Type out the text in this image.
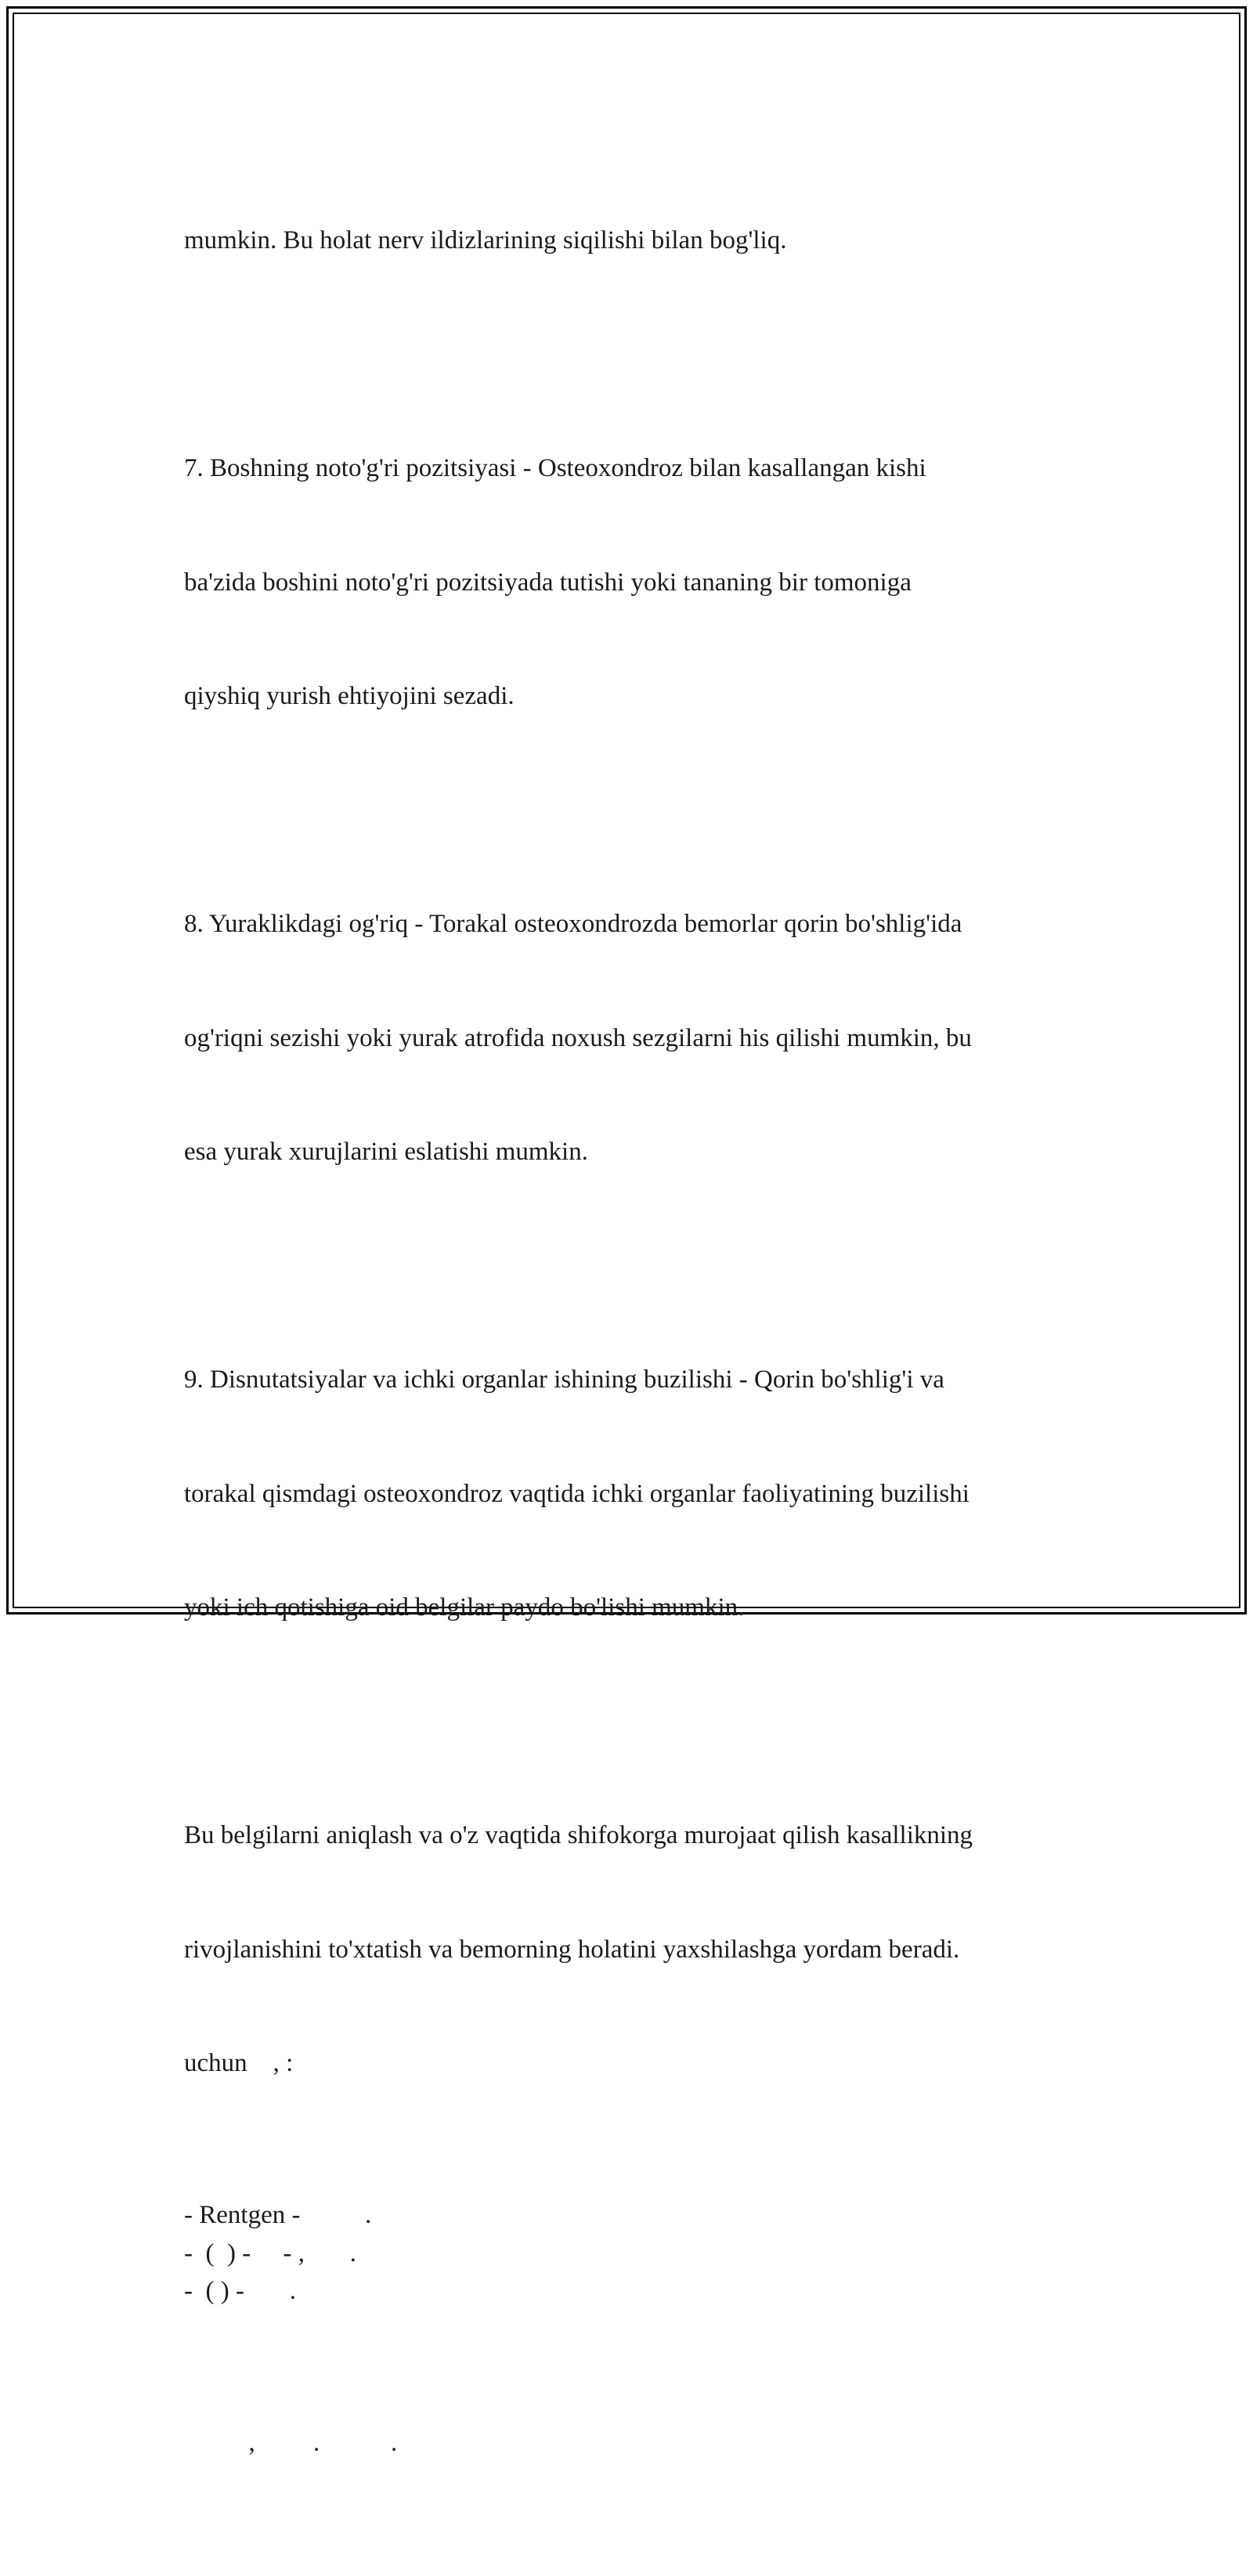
mumkin. Bu holat nerv ildizlarining siqilishi bilan bog'liq.

7. Boshning noto'g'ri pozitsiyasi - Osteoxondroz bilan kasallangan kishi

ba'zida boshini noto'g'ri pozitsiyada tutishi yoki tananing bir tomoniga

qiyshiq yurish ehtiyojini sezadi.

8. Yuraklikdagi og'riq - Torakal osteoxondrozda bemorlar qorin bo'shlig'ida

og'riqni sezishi yoki yurak atrofida noxush sezgilarni his qilishi mumkin, bu

esa yurak xurujlarini eslatishi mumkin.

9. Disnutatsiyalar va ichki organlar ishining buzilishi - Qorin bo'shlig'i va

torakal qismdagi osteoxondroz vaqtida ichki organlar faoliyatining buzilishi

yoki ich qotishiga oid belgilar paydo bo'lishi mumkin.

Bu belgilarni aniqlash va o'z vaqtida shifokorga murojaat qilish kasallikning

rivojlanishini to'xtatish va bemorning holatini yaxshilashga yordam beradi.

uchun    , :

- Rentgen -          .
-  (  ) -     - ,       .
-  ( ) -       .

,         .           .
